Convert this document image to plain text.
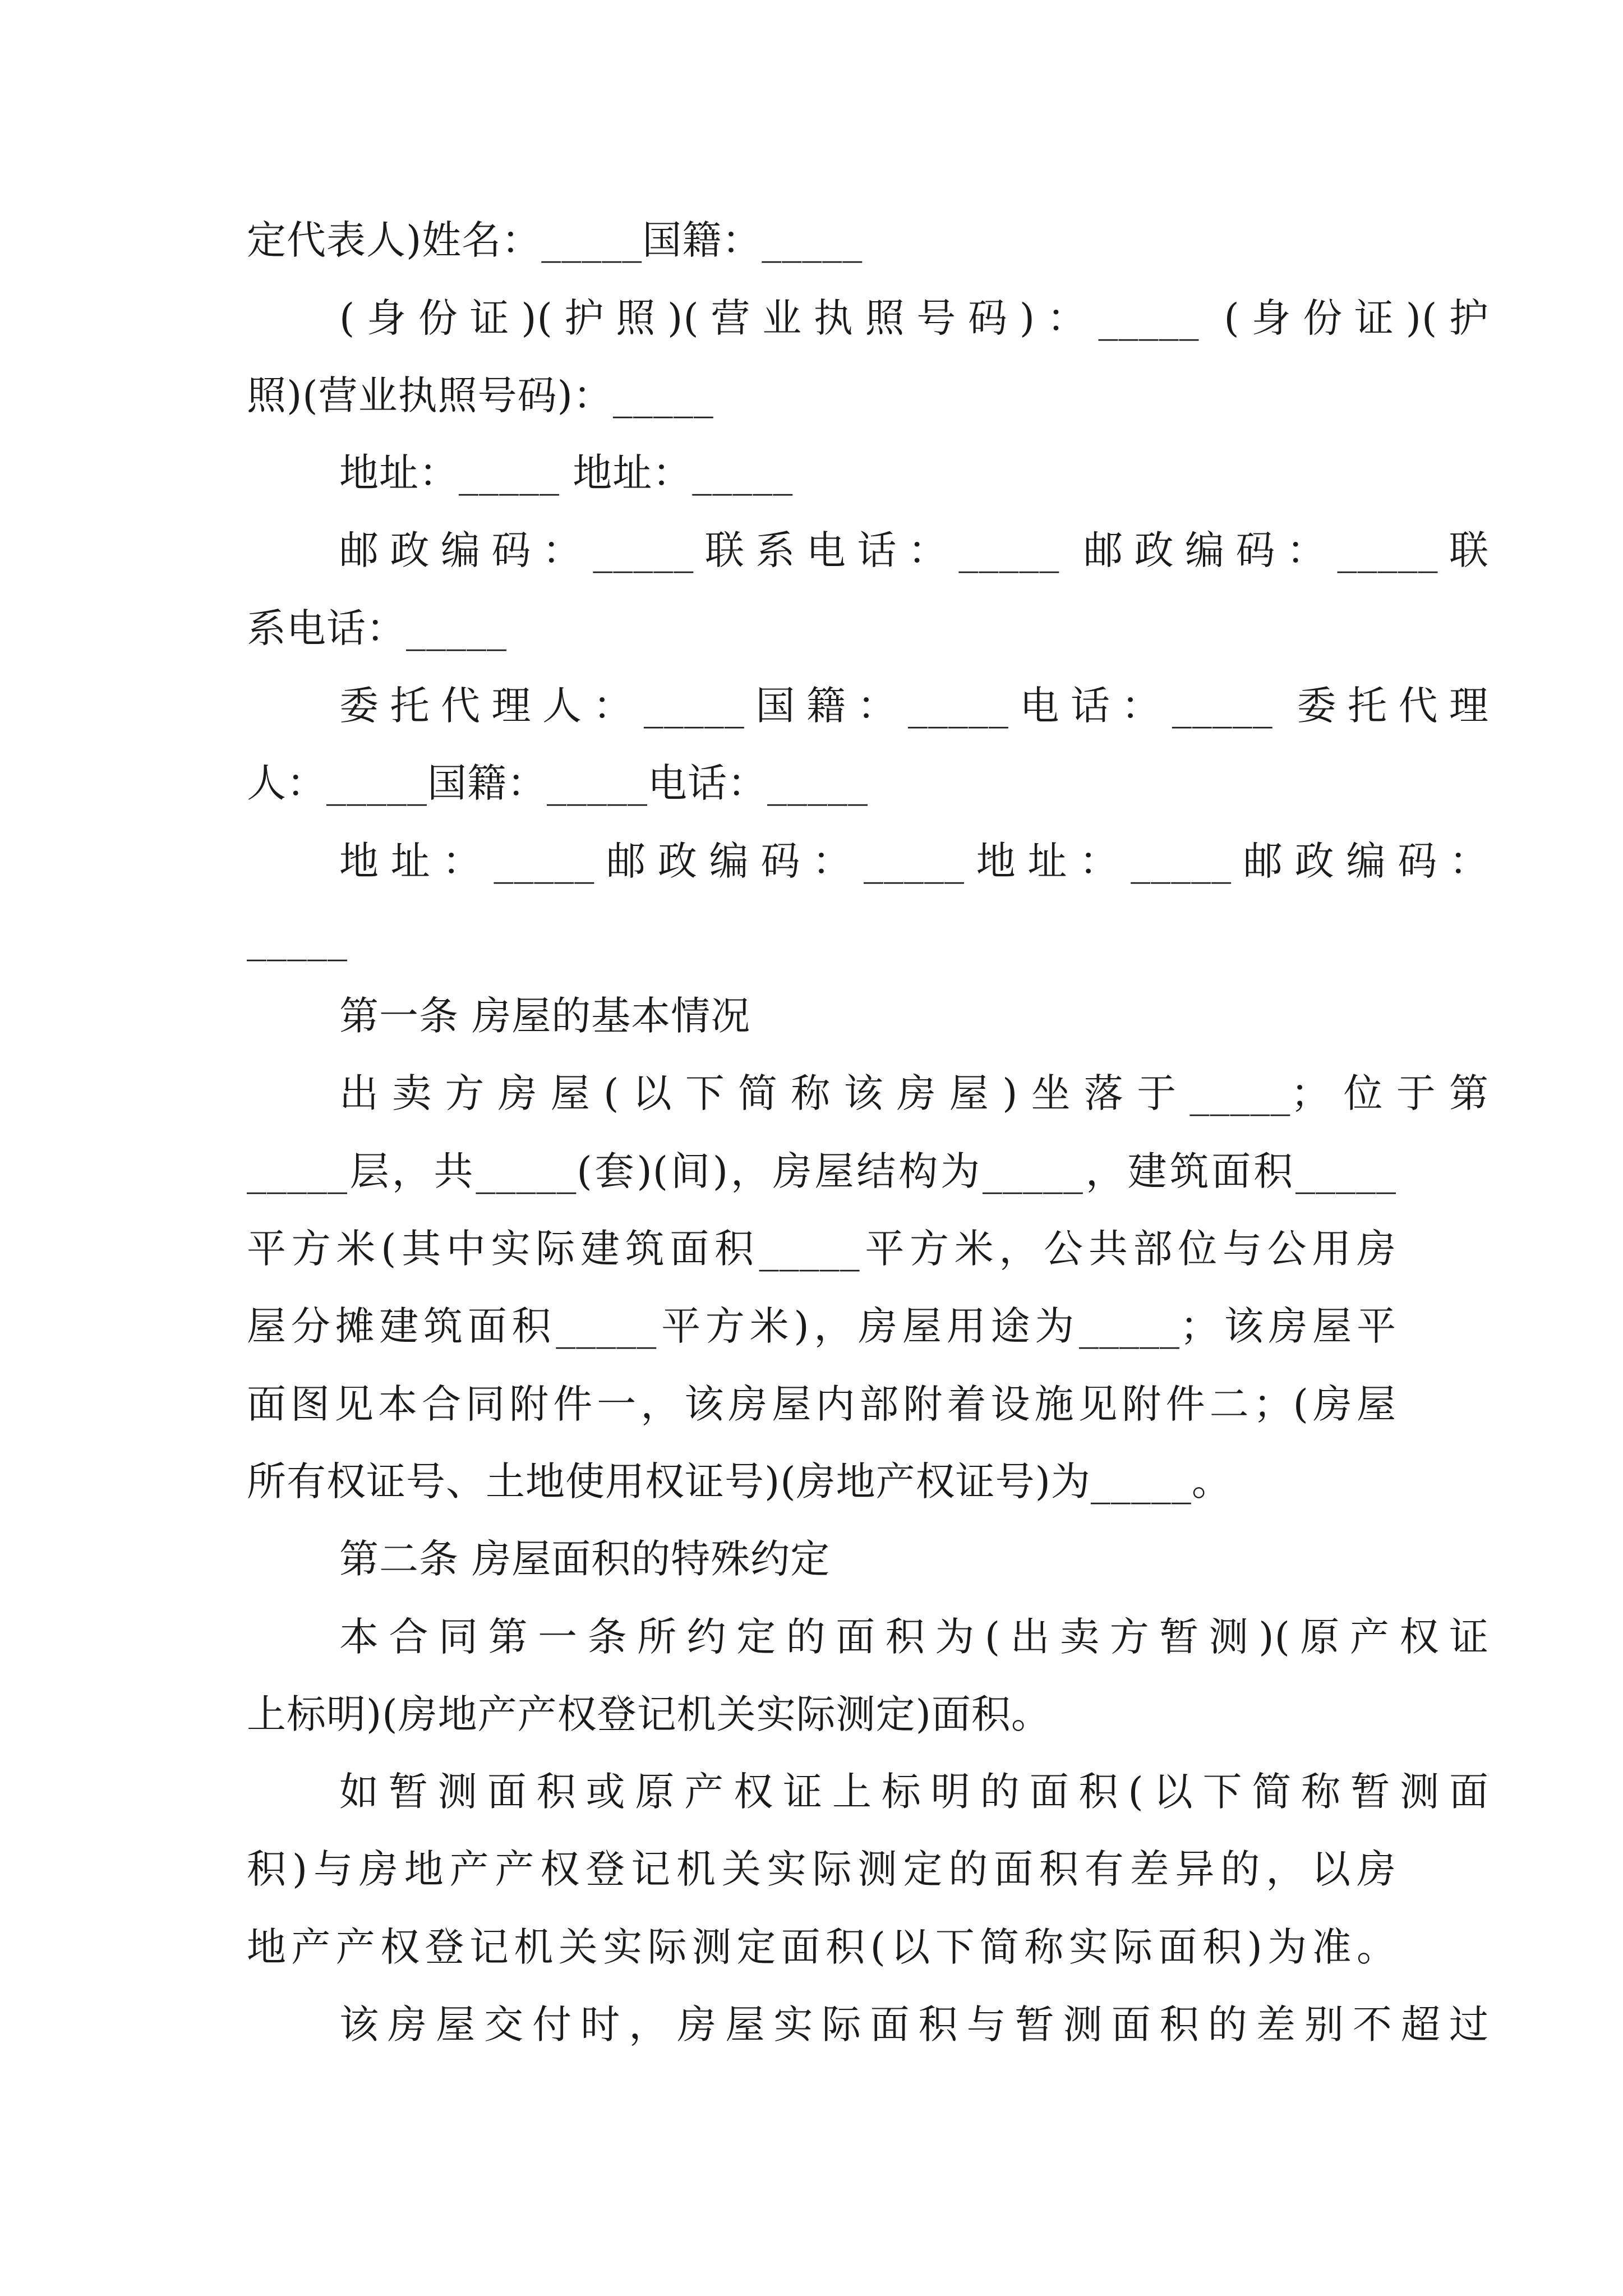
定代表人)姓名：_____国籍：_____
(身份证)(护照)(营业执照号码)：_____ (身份证)(护
照)(营业执照号码)：_____
地址：_____ 地址：_____
邮政编码：_____联系电话：_____ 邮政编码：_____联
系电话：_____
委托代理人：_____国籍：_____电话：_____ 委托代理
人：_____国籍：_____电话：_____
地址：_____邮政编码：_____地址：_____邮政编码：
_____
第一条 房屋的基本情况
出卖方房屋(以下简称该房屋)坐落于_____；位于第
_____层，共_____(套)(间)，房屋结构为_____，建筑面积_____
平方米(其中实际建筑面积_____平方米，公共部位与公用房
屋分摊建筑面积_____平方米)，房屋用途为_____；该房屋平
面图见本合同附件一，该房屋内部附着设施见附件二；(房屋
所有权证号、土地使用权证号)(房地产权证号)为_____。
第二条 房屋面积的特殊约定
本合同第一条所约定的面积为(出卖方暂测)(原产权证
上标明)(房地产产权登记机关实际测定)面积。
如暂测面积或原产权证上标明的面积(以下简称暂测面
积)与房地产产权登记机关实际测定的面积有差异的，以房
地产产权登记机关实际测定面积(以下简称实际面积)为准。
该房屋交付时，房屋实际面积与暂测面积的差别不超过
